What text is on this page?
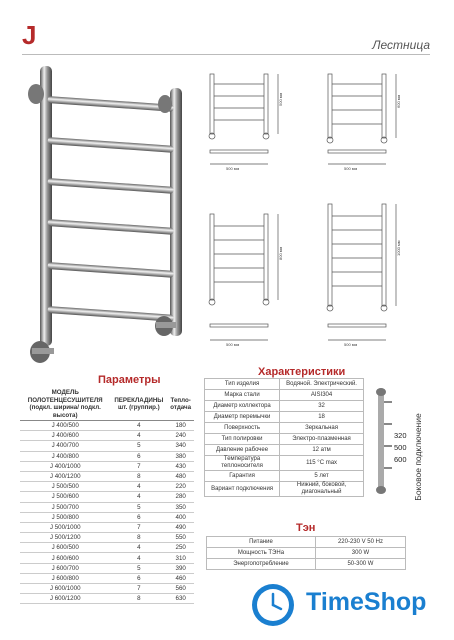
J	Лестница
500 мм
500 мм
500 мм
600 мм
500 мм
800 мм
500 мм
1000 мм
Параметры
МОДЕЛЬ ПОЛОТЕНЦЕСУШИТЕЛЯ (подкл. ширина/ подкл. высота)	ПЕРЕКЛАДИНЫ шт. (группир.)	Тепло-отдача
J 400/500	4	180
J 400/600	4	240
J 400/700	5	340
J 400/800	6	380
J 400/1000	7	430
J 400/1200	8	480
J 500/500	4	220
J 500/600	4	280
J 500/700	5	350
J 500/800	6	400
J 500/1000	7	490
J 500/1200	8	550
J 600/500	4	250
J 600/600	4	310
J 600/700	5	390
J 600/800	6	460
J 600/1000	7	560
J 600/1200	8	630
Характеристики
Тип изделия	Водяной. Электрический.
Марка стали	AISI304
Диаметр коллектора	32
Диаметр перемычки	18
Поверхность	Зеркальная
Тип полировки	Электро-плазменная
Давление рабочее	12 атм
Температура теплоносителя	115 °C max
Гарантия	5 лет
Вариант подключения	Нижний, боковой, диагональный
320
500
600 Боковое подключение
Тэн
Питание	220-230 V 50 Hz
Мощность ТЭНа	300 W
Энергопотребление	50-300 W
TimeShop
